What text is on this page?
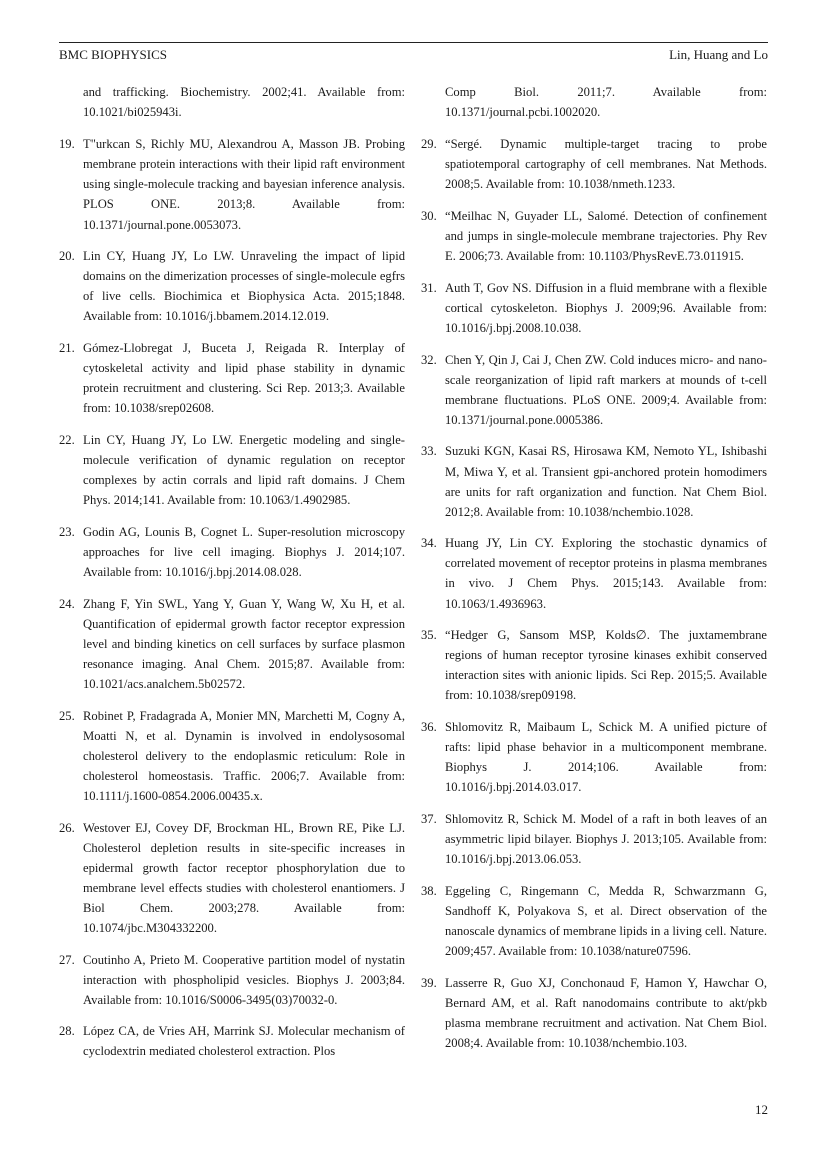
BMC BIOPHYSICS	Lin, Huang and Lo
and trafficking. Biochemistry. 2002;41. Available from: 10.1021/bi025943i.
19. T"urkcan S, Richly MU, Alexandrou A, Masson JB. Probing membrane protein interactions with their lipid raft environment using single-molecule tracking and bayesian inference analysis. PLOS ONE. 2013;8. Available from: 10.1371/journal.pone.0053073.
20. Lin CY, Huang JY, Lo LW. Unraveling the impact of lipid domains on the dimerization processes of single-molecule egfrs of live cells. Biochimica et Biophysica Acta. 2015;1848. Available from: 10.1016/j.bbamem.2014.12.019.
21. Gómez-Llobregat J, Buceta J, Reigada R. Interplay of cytoskeletal activity and lipid phase stability in dynamic protein recruitment and clustering. Sci Rep. 2013;3. Available from: 10.1038/srep02608.
22. Lin CY, Huang JY, Lo LW. Energetic modeling and single-molecule verification of dynamic regulation on receptor complexes by actin corrals and lipid raft domains. J Chem Phys. 2014;141. Available from: 10.1063/1.4902985.
23. Godin AG, Lounis B, Cognet L. Super-resolution microscopy approaches for live cell imaging. Biophys J. 2014;107. Available from: 10.1016/j.bpj.2014.08.028.
24. Zhang F, Yin SWL, Yang Y, Guan Y, Wang W, Xu H, et al. Quantification of epidermal growth factor receptor expression level and binding kinetics on cell surfaces by surface plasmon resonance imaging. Anal Chem. 2015;87. Available from: 10.1021/acs.analchem.5b02572.
25. Robinet P, Fradagrada A, Monier MN, Marchetti M, Cogny A, Moatti N, et al. Dynamin is involved in endolysosomal cholesterol delivery to the endoplasmic reticulum: Role in cholesterol homeostasis. Traffic. 2006;7. Available from: 10.1111/j.1600-0854.2006.00435.x.
26. Westover EJ, Covey DF, Brockman HL, Brown RE, Pike LJ. Cholesterol depletion results in site-specific increases in epidermal growth factor receptor phosphorylation due to membrane level effects studies with cholesterol enantiomers. J Biol Chem. 2003;278. Available from: 10.1074/jbc.M304332200.
27. Coutinho A, Prieto M. Cooperative partition model of nystatin interaction with phospholipid vesicles. Biophys J. 2003;84. Available from: 10.1016/S0006-3495(03)70032-0.
28. López CA, de Vries AH, Marrink SJ. Molecular mechanism of cyclodextrin mediated cholesterol extraction. Plos
Comp Biol. 2011;7. Available from: 10.1371/journal.pcbi.1002020.
29. “Sergé. Dynamic multiple-target tracing to probe spatiotemporal cartography of cell membranes. Nat Methods. 2008;5. Available from: 10.1038/nmeth.1233.
30. “Meilhac N, Guyader LL, Salomé. Detection of confinement and jumps in single-molecule membrane trajectories. Phy Rev E. 2006;73. Available from: 10.1103/PhysRevE.73.011915.
31. Auth T, Gov NS. Diffusion in a fluid membrane with a flexible cortical cytoskeleton. Biophys J. 2009;96. Available from: 10.1016/j.bpj.2008.10.038.
32. Chen Y, Qin J, Cai J, Chen ZW. Cold induces micro- and nano-scale reorganization of lipid raft markers at mounds of t-cell membrane fluctuations. PLoS ONE. 2009;4. Available from: 10.1371/journal.pone.0005386.
33. Suzuki KGN, Kasai RS, Hirosawa KM, Nemoto YL, Ishibashi M, Miwa Y, et al. Transient gpi-anchored protein homodimers are units for raft organization and function. Nat Chem Biol. 2012;8. Available from: 10.1038/nchembio.1028.
34. Huang JY, Lin CY. Exploring the stochastic dynamics of correlated movement of receptor proteins in plasma membranes in vivo. J Chem Phys. 2015;143. Available from: 10.1063/1.4936963.
35. “Hedger G, Sansom MSP, Kolds∅. The juxtamembrane regions of human receptor tyrosine kinases exhibit conserved interaction sites with anionic lipids. Sci Rep. 2015;5. Available from: 10.1038/srep09198.
36. Shlomovitz R, Maibaum L, Schick M. A unified picture of rafts: lipid phase behavior in a multicomponent membrane. Biophys J. 2014;106. Available from: 10.1016/j.bpj.2014.03.017.
37. Shlomovitz R, Schick M. Model of a raft in both leaves of an asymmetric lipid bilayer. Biophys J. 2013;105. Available from: 10.1016/j.bpj.2013.06.053.
38. Eggeling C, Ringemann C, Medda R, Schwarzmann G, Sandhoff K, Polyakova S, et al. Direct observation of the nanoscale dynamics of membrane lipids in a living cell. Nature. 2009;457. Available from: 10.1038/nature07596.
39. Lasserre R, Guo XJ, Conchonaud F, Hamon Y, Hawchar O, Bernard AM, et al. Raft nanodomains contribute to akt/pkb plasma membrane recruitment and activation. Nat Chem Biol. 2008;4. Available from: 10.1038/nchembio.103.
12
